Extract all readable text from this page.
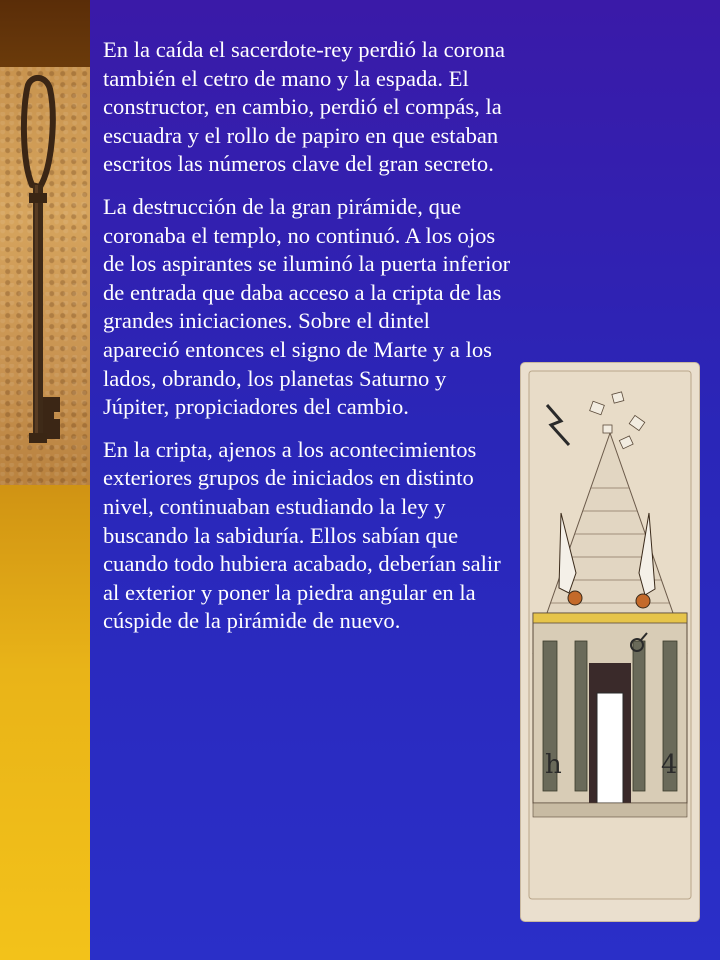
En la caída el sacerdote-rey perdió la corona también el cetro de mano y la espada. El constructor, en cambio, perdió el compás, la escuadra y el rollo de papiro en que estaban escritos las números clave del gran secreto.

La destrucción de la gran pirámide, que coronaba el templo, no continuó. A los ojos de los aspirantes se iluminó la puerta inferior de entrada que daba acceso a la cripta de las grandes iniciaciones. Sobre el dintel apareció entonces el signo de Marte y a los lados, obrando, los planetas Saturno y Júpiter, propiciadores del cambio.

En la cripta, ajenos a los acontecimientos exteriores grupos de iniciados en distinto nivel, continuaban estudiando la ley y buscando la sabiduría. Ellos sabían que cuando todo hubiera acabado, deberían salir al exterior y poner la piedra angular en la cúspide de la pirámide de nuevo.

h	4
